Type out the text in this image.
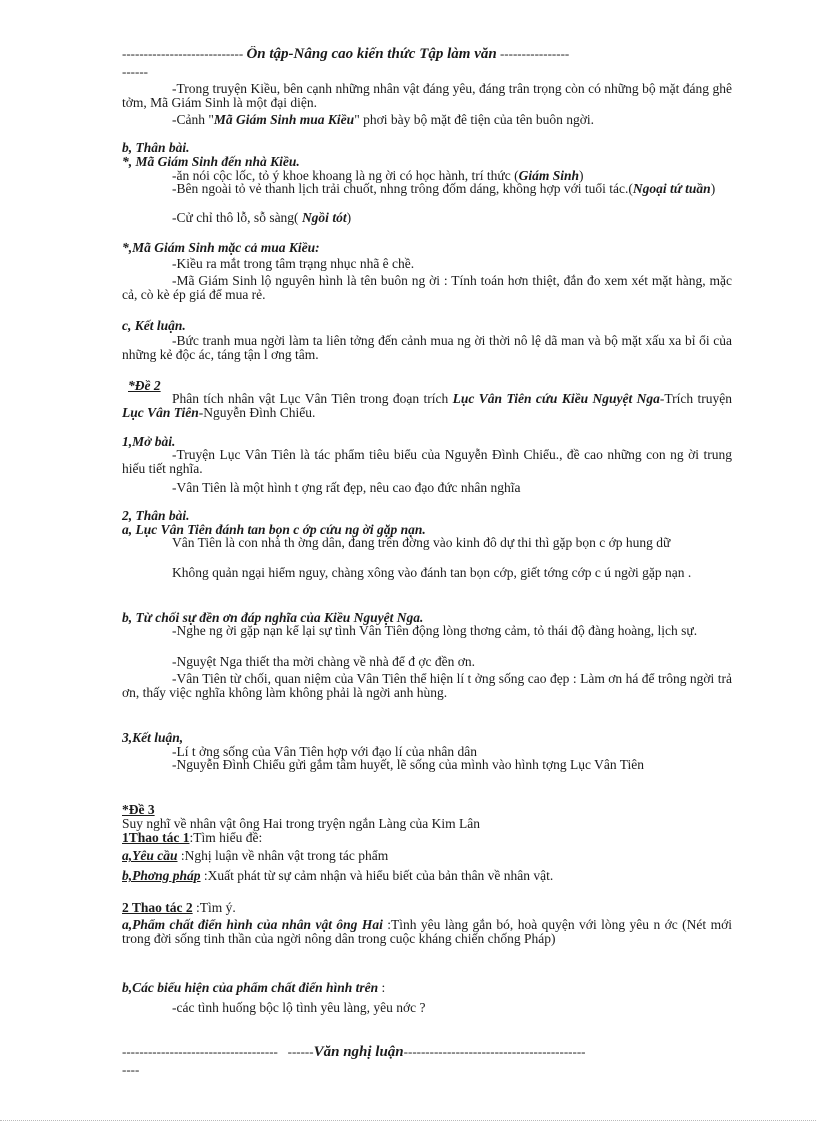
---------------------------- Ôn tập-Nâng cao kiến thức Tập làm văn ----------------
------
-Trong truyện Kiều, bên cạnh những nhân vật đáng yêu, đáng trân trọng còn có những bộ mặt đáng ghê tởm, Mã Giám Sinh là một đại diện.
-Cảnh "Mã Giám Sinh mua Kiều" phơi bày bộ mặt đê tiện của tên buôn ngời.
b, Thân bài.
*, Mã Giám Sinh đến nhà Kiều.
-ăn nói cộc lốc, tỏ ý khoe khoang là ng ời có học hành, trí thức (Giám Sinh)
-Bên ngoài tỏ vẻ thanh lịch trải chuốt, nhng trông đốm dáng, không hợp với tuổi tác.(Ngoại tứ tuần)
-Cử chỉ thô lỗ, sỗ sàng( Ngồi tót)
*,Mã Giám Sinh mặc cả mua Kiều:
-Kiều ra mắt trong tâm trạng nhục nhã ê chề.
-Mã Giám Sinh lộ nguyên hình là tên buôn ng ời : Tính toán hơn thiệt, đắn đo xem xét mặt hàng, mặc cả, cò kè ép giá để mua rẻ.
c, Kết luận.
-Bức tranh mua ngời làm ta liên tởng đến cảnh mua ng ời thời nô lệ dã man và bộ mặt xấu xa bỉ ổi của những kẻ độc ác, táng tận l ơng tâm.
*Đề 2
Phân tích nhân vật Lục Vân Tiên trong đoạn trích Lục Vân Tiên cứu Kiều Nguyệt Nga-Trích truyện Lục Vân Tiên-Nguyễn Đình Chiểu.
1,Mở bài.
-Truyện Lục Vân Tiên là tác phẩm tiêu biểu của Nguyễn Đình Chiểu., đề cao những con ng ời trung hiếu tiết nghĩa.
-Vân Tiên là một hình t ợng rất đẹp, nêu cao đạo đức nhân nghĩa
2, Thân bài.
a, Lục Vân Tiên đánh tan bọn c ớp cứu ng ời gặp nạn.
Vân Tiên là con nhà th ờng dân, đang trên đờng vào kinh đô dự thi thì gặp bọn c ớp hung dữ
Không quản ngại hiểm nguy, chàng xông vào đánh tan bọn cớp, giết tớng cớp c ú ngời gặp nạn .
b, Từ chối sự đền ơn đáp nghĩa của Kiều Nguyệt Nga.
-Nghe ng ời gặp nạn kể lại sự tình Vân Tiên động lòng thơng cảm, tỏ thái độ đàng hoàng, lịch sự.
-Nguyệt Nga thiết tha mời chàng về nhà để đ ợc đền ơn.
-Vân Tiên từ chối, quan niệm của Vân Tiên thể hiện lí t ởng sống cao đẹp : Làm ơn há để trông ngời trả ơn, thấy việc nghĩa không làm không phải là ngời anh hùng.
3,Kết luận,
-Lí t ởng sống của Vân Tiên hợp với đạo lí của nhân dân
-Nguyễn Đình Chiểu gửi gắm tâm huyết, lẽ sống của mình vào hình tợng Lục Vân Tiên
*Đề 3
Suy nghĩ về nhân vật ông Hai trong tryện ngắn Làng của Kim Lân
1Thao tác 1:Tìm hiểu đề:
a,Yêu cầu :Nghị luận về nhân vật trong tác phẩm
b,Phơng pháp :Xuất phát từ sự cảm nhận và hiểu biết của bản thân về nhân vật.
2 Thao tác 2 :Tìm ý.
a,Phẩm chất điển hình của nhân vật ông Hai :Tình yêu làng gắn bó, hoà quyện với lòng yêu n ớc (Nét mới trong đời sống tinh thần của ngời nông dân trong cuộc kháng chiến chống Pháp)
b,Các biểu hiện của phẩm chất điển hình trên :
-các tình huống bộc lộ tình yêu làng, yêu nớc ?
------------------------------------ ------Văn nghị luận------------------------------------------
----
